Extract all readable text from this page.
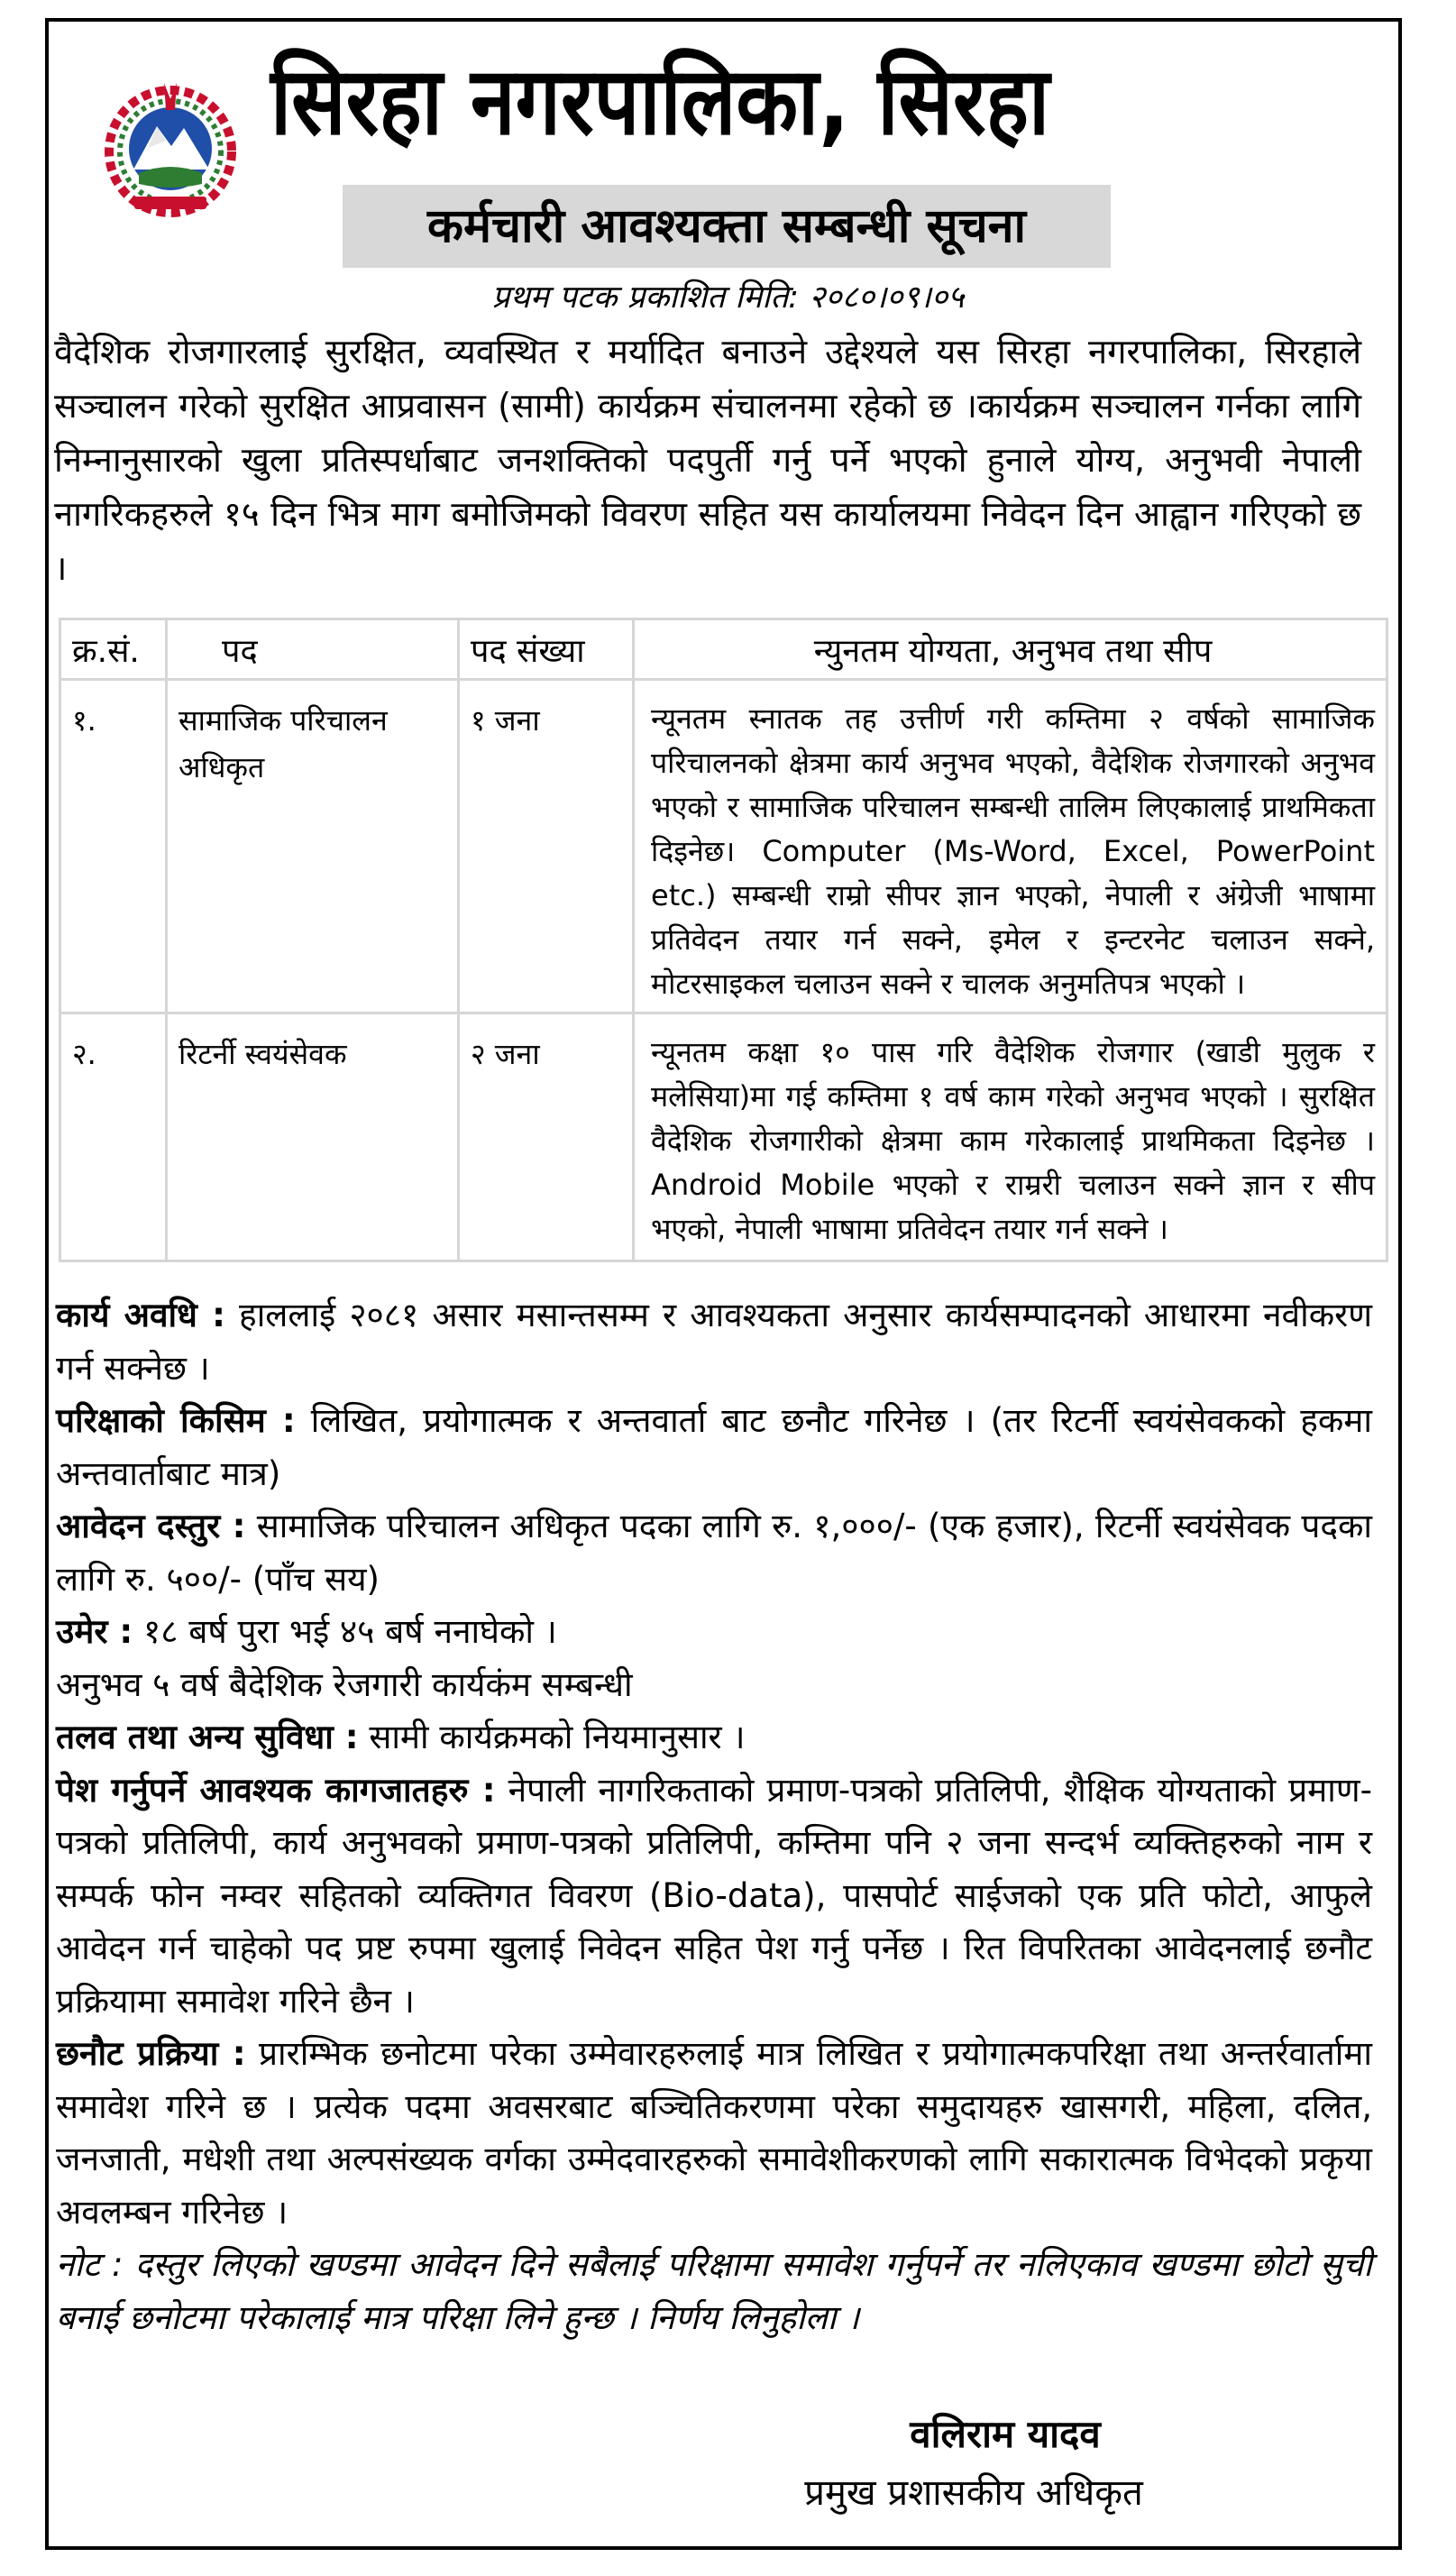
सिरहा नगरपालिका, सिरहा
कर्मचारी आवश्यक्ता सम्बन्धी सूचना
प्रथम पटक प्रकाशित मिति: २०८०।०९।०५
वैदेशिक रोजगारलाई सुरक्षित, व्यवस्थित र मर्यादित बनाउने उद्देश्यले यस सिरहा नगरपालिका, सिरहाले सञ्चालन गरेको सुरक्षित आप्रवासन (सामी) कार्यक्रम संचालनमा रहेको छ ।कार्यक्रम सञ्चालन गर्नका लागि निम्नानुसारको खुला प्रतिस्पर्धाबाट जनशक्तिको पदपुर्ती गर्नु पर्ने भएको हुनाले योग्य, अनुभवी नेपाली नागरिकहरुले १५ दिन भित्र माग बमोजिमको विवरण सहित यस कार्यालयमा निवेदन दिन आह्वान गरिएको छ ।
क्र.सं.	पद	पद संख्या	न्युनतम योग्यता, अनुभव तथा सीप
१.	सामाजिक परिचालन अधिकृत	१ जना	न्यूनतम स्नातक तह उत्तीर्ण गरी कम्तिमा २ वर्षको सामाजिक परिचालनको क्षेत्रमा कार्य अनुभव भएको, वैदेशिक रोजगारको अनुभव भएको र सामाजिक परिचालन सम्बन्धी तालिम लिएकालाई प्राथमिकता दिइनेछ। Computer (Ms-Word, Excel, PowerPoint etc.) सम्बन्धी राम्रो सीपर ज्ञान भएको, नेपाली र अंग्रेजी भाषामा प्रतिवेदन तयार गर्न सक्ने, इमेल र इन्टरनेट चलाउन सक्ने, मोटरसाइकल चलाउन सक्ने र चालक अनुमतिपत्र भएको ।
२.	रिटर्नी स्वयंसेवक	२ जना	न्यूनतम कक्षा १० पास गरि वैदेशिक रोजगार (खाडी मुलुक र मलेसिया)मा गई कम्तिमा १ वर्ष काम गरेको अनुभव भएको । सुरक्षित वैदेशिक रोजगारीको क्षेत्रमा काम गरेकालाई प्राथमिकता दिइनेछ । Android Mobile भएको र राम्ररी चलाउन सक्ने ज्ञान र सीप भएको, नेपाली भाषामा प्रतिवेदन तयार गर्न सक्ने ।

कार्य अवधि : हाललाई २०८१ असार मसान्तसम्म र आवश्यकता अनुसार कार्यसम्पादनको आधारमा नवीकरण गर्न सक्नेछ ।

परिक्षाको किसिम : लिखित, प्रयोगात्मक र अन्तवार्ता बाट छनौट गरिनेछ । (तर रिटर्नी स्वयंसेवकको हकमा अन्तवार्ताबाट मात्र)

आवेदन दस्तुर : सामाजिक परिचालन अधिकृत पदका लागि रु. १,०००/- (एक हजार), रिटर्नी स्वयंसेवक पदका लागि रु. ५००/- (पाँच सय)

उमेर : १८ बर्ष पुरा भई ४५ बर्ष ननाघेको ।

अनुभव ५ वर्ष बैदेशिक रेजगारी कार्यकंम सम्बन्धी

तलव तथा अन्य सुविधा : सामी कार्यक्रमको नियमानुसार ।

पेश गर्नुपर्ने आवश्यक कागजातहरु : नेपाली नागरिकताको प्रमाण-पत्रको प्रतिलिपी, शैक्षिक योग्यताको प्रमाण-पत्रको प्रतिलिपी, कार्य अनुभवको प्रमाण-पत्रको प्रतिलिपी, कम्तिमा पनि २ जना सन्दर्भ व्यक्तिहरुको नाम र सम्पर्क फोन नम्वर सहितको व्यक्तिगत विवरण (Bio-data), पासपोर्ट साईजको एक प्रति फोटो, आफुले आवेदन गर्न चाहेको पद प्रष्ट रुपमा खुलाई निवेदन सहित पेश गर्नु पर्नेछ । रित विपरितका आवेदनलाई छनौट प्रक्रियामा समावेश गरिने छैन ।

छनौट प्रक्रिया : प्रारम्भिक छनोटमा परेका उम्मेवारहरुलाई मात्र लिखित र प्रयोगात्मकपरिक्षा तथा अन्तर्रवार्तामा समावेश गरिने छ । प्रत्येक पदमा अवसरबाट बञ्चितिकरणमा परेका समुदायहरु खासगरी, महिला, दलित, जनजाती, मधेशी तथा अल्पसंख्यक वर्गका उम्मेदवारहरुको समावेशीकरणको लागि सकारात्मक विभेदको प्रकृया अवलम्बन गरिनेछ ।

नोट : दस्तुर लिएको खण्डमा आवेदन दिने सबैलाई परिक्षामा समावेश गर्नुपर्ने तर नलिएकाव खण्डमा छोटो सुची बनाई छनोटमा परेकालाई मात्र परिक्षा लिने हुन्छ । निर्णय लिनुहोला ।

वलिराम यादव
प्रमुख प्रशासकीय अधिकृत
